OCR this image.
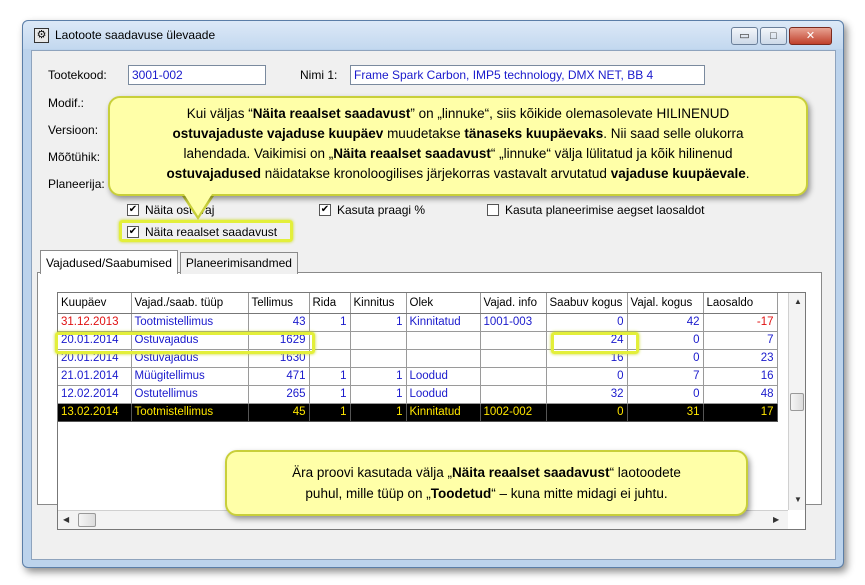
⚙ Laotoote saadavuse ülevaade	▭	□	✕
Tootekood:	3001-002	Nimi 1:	Frame Spark Carbon, IMP5 technology, DMX NET, BB 4
Modif.:
Versioon:
Mõõtühik:
Planeerija:
✔ Näita ostuvaj	✔ Kasuta praagi %	Kasuta planeerimise aegset laosaldot
✔ Näita reaalset saadavust
Vajadused/Saabumised	Planeerimisandmed
Kuupäev	Vajad./saab. tüüp	Tellimus	Rida	Kinnitus	Olek	Vajad. info	Saabuv kogus	Vajal. kogus	Laosaldo
31.12.2013	Tootmistellimus	43	1	1	Kinnitatud	1001-003	0	42	-17
20.01.2014	Ostuvajadus	1629					24	0	7
20.01.2014	Ostuvajadus	1630					16	0	23
21.01.2014	Müügitellimus	471	1	1	Loodud		0	7	16
12.02.2014	Ostutellimus	265	1	1	Loodud		32	0	48
13.02.2014	Tootmistellimus	45	1	1	Kinnitatud	1002-002	0	31	17
▲
▼
◀	▶
Kui väljas “Näita reaalset saadavust” on „linnuke“, siis kõikide olemasolevate HILINENUD
ostuvajaduste vajaduse kuupäev muudetakse tänaseks kuupäevaks. Nii saad selle olukorra
lahendada. Vaikimisi on „Näita reaalset saadavust“ „linnuke“ välja lülitatud ja kõik hilinenud
ostuvajadused näidatakse kronoloogilises järjekorras vastavalt arvutatud vajaduse kuupäevale.
Ära proovi kasutada välja „Näita reaalset saadavust“ laotoodete
puhul, mille tüüp on „Toodetud“ – kuna mitte midagi ei juhtu.
